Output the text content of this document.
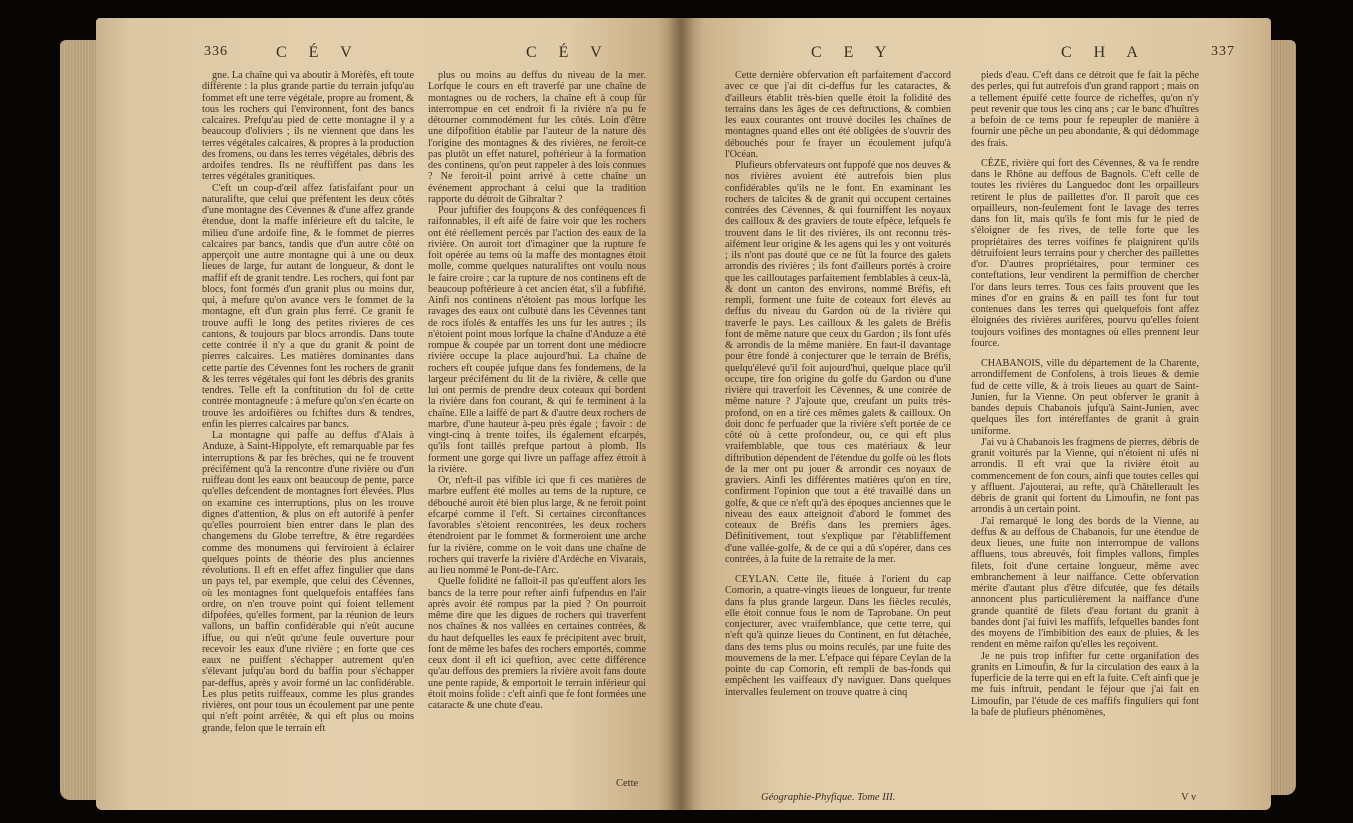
336	C É V	C É V

gne. La chaîne qui va aboutir à Morèfès, eft toute différente : la plus grande partie du terrain jufqu'au fommet eft une terre végétale, propre au froment, & tous les rochers qui l'environnent, font des bancs calcaires. Prefqu'au pied de cette montagne il y a beaucoup d'oliviers ; ils ne viennent que dans les terres végétales calcaires, & propres à la production des fromens, ou dans les terres végétales, débris des ardoifes tendres. Ils ne réuffiffent pas dans les terres végétales granitiques.

C'eft un coup-d'œil affez fatisfaifant pour un naturalifte, que celui que préfentent les deux côtés d'une montagne des Cévennes & d'une affez grande étendue, dont la maffe inférieure eft du talcite, le milieu d'une ardoife fine, & le fommet de pierres calcaires par bancs, tandis que d'un autre côté on apperçoit une autre montagne qui à une ou deux lieues de large, fur autant de longueur, & dont le maffif eft de granit tendre. Les rochers, qui font par blocs, font formés d'un granit plus ou moins dur, qui, à mefure qu'on avance vers le fommet de la montagne, eft d'un grain plus ferré. Ce granit fe trouve auffi le long des petites rivieres de ces cantons, & toujours par blocs arrondis. Dans toute cette contrée il n'y a que du granit & point de pierres calcaires. Les matières dominantes dans cette partie des Cévennes font les rochers de granit & les terres végétales qui font les débris des granits tendres. Telle eft la conftitution du fol de cette contrée montagneufe : à mefure qu'on s'en écarte on trouve les ardoifières ou fchiftes durs & tendres, enfin les pierres calcaires par bancs.

La montagne qui paffe au deffus d'Alais à Anduze, à Saint-Hippolyte, eft remarquable par fes interruptions & par fes brèches, qui ne fe trouvent précifément qu'à la rencontre d'une rivière ou d'un ruiffeau dont les eaux ont beaucoup de pente, parce qu'elles defcendent de montagnes fort élevées. Plus on examine ces interruptions, plus on les trouve dignes d'attention, & plus on eft autorifé à penfer qu'elles pourroient bien entrer dans le plan des changemens du Globe terreftre, & être regardées comme des monumens qui ferviroient à éclairer quelques points de théorie des plus anciennes révolutions. Il eft en effet affez fingulier que dans un pays tel, par exemple, que celui des Cévennes, où les montagnes font quelquefois entaffées fans ordre, on n'en trouve point qui foient tellement difpofées, qu'elles forment, par la réunion de leurs vallons, un baffin confidérable qui n'eût aucune iffue, ou qui n'eût qu'une feule ouverture pour recevoir les eaux d'une rivière ; en forte que ces eaux ne puiffent s'échapper autrement qu'en s'élevant jufqu'au bord du baffin pour s'échapper par-deffus, après y avoir formé un lac confidérable. Les plus petits ruiffeaux, comme les plus grandes rivières, ont pour tous un écoulement par une pente qui n'eft point arrêtée, & qui eft plus ou moins grande, felon que le terrain eft

plus ou moins au deffus du niveau de la mer. Lorfque le cours en eft traverfé par une chaîne de montagnes ou de rochers, la chaîne eft à coup fûr interrompue en cet endroit fi la rivière n'a pu fe détourner commodément fur les côtés. Loin d'être une difpofition établie par l'auteur de la nature dès l'origine des montagnes & des rivières, ne feroit-ce pas plutôt un effet naturel, poftérieur à la formation des continens, qu'on peut rappeler à des lois connues ? Ne feroit-il point arrivé à cette chaîne un événement approchant à celui que la tradition rapporte du détroit de Gibraltar ?

Pour juftifier des foupçons & des conféquences fi raifonnables, il eft aifé de faire voir que les rochers ont été réellement percés par l'action des eaux de la rivière. On auroit tort d'imaginer que la rupture fe foit opérée au tems où la maffe des montagnes étoit molle, comme quelques naturaliftes ont voulu nous le faire croire ; car la rupture de nos continens eft de beaucoup poftérieure à cet ancien état, s'il a fubfifté. Ainfi nos continens n'étoient pas mous lorfque les ravages des eaux ont culbuté dans les Cévennes tant de rocs ifolés & entaffés les uns fur les autres ; ils n'étoient point mous lorfque la chaîne d'Anduze a été rompue & coupée par un torrent dont une médiocre rivière occupe la place aujourd'hui. La chaîne de rochers eft coupée jufque dans fes fondemens, de la largeur précifément du lit de la rivière, & celle que lui ont permis de prendre deux coteaux qui bordent la rivière dans fon courant, & qui fe terminent à la chaîne. Elle a laiffé de part & d'autre deux rochers de marbre, d'une hauteur à-peu près égale ; favoir : de vingt-cinq à trente toifes, ils également efcarpés, qu'ils font taillés prefque partout à plomb. Ils forment une gorge qui livre un paffage affez étroit à la rivière.

Or, n'eft-il pas vifible ici que fi ces matières de marbre euffent été molles au tems de la rupture, ce débouché auroit été bien plus large, & ne feroit point efcarpé comme il l'eft. Si certaines circonftances favorables s'étoient rencontrées, les deux rochers étendroient par le fommet & formeroient une arche fur la rivière, comme on le voit dans une chaîne de rochers qui traverfe la rivière d'Ardèche en Vivarais, au lieu nommé le Pont-de-l'Arc.

Quelle folidité ne falloit-il pas qu'euffent alors les bancs de la terre pour refter ainfi fufpendus en l'air après avoir été rompus par la pied ? On pourroit même dire que les digues de rochers qui traverfent nos chaînes & nos vallées en certaines contrées, & du haut defquelles les eaux fe précipitent avec bruit, font de même les bafes des rochers emportés, comme ceux dont il eft ici queftion, avec cette différence qu'au deffous des premiers la rivière avoit fans doute une pente rapide, & emportoit le terrain inférieur qui étoit moins folide : c'eft ainfi que fe font formées une cataracte & une chute d'eau.

Cette
C E Y	C H A	337

Cette dernière obfervation eft parfaitement d'accord avec ce que j'ai dit ci-deffus fur les cataractes, & d'ailleurs établit très-bien quelle étoit la folidité des terrains dans les âges de ces deftructions, & combien les eaux courantes ont trouvé dociles les chaînes de montagnes quand elles ont été obligées de s'ouvrir des débouchés pour fe frayer un écoulement jufqu'à l'Océan.

Plufieurs obfervateurs ont fuppofé que nos deuves & nos rivières avoient été autrefois bien plus confidérables qu'ils ne le font. En examinant les rochers de talcites & de granit qui occupent certaines contrées des Cévennes, & qui fourniffent les noyaux des cailloux & des graviers de toute efpèce, lefquels fe trouvent dans le lit des rivières, ils ont reconnu très-aifément leur origine & les agens qui les y ont voiturés ; ils n'ont pas douté que ce ne fût la fource des galets arrondis des rivières ; ils font d'ailleurs portés à croire que les cailloutages parfaitement femblables à ceux-là, & dont un canton des environs, nommé Bréfis, eft rempli, forment une fuite de coteaux fort élevés au deffus du niveau du Gardon où de la rivière qui traverfe le pays. Les cailloux & les galets de Bréfis font de même nature que ceux du Gardon ; ils font ufés & arrondis de la même manière. En faut-il davantage pour être fondé à conjecturer que le terrain de Bréfis, quelqu'élevé qu'il foit aujourd'hui, quelque place qu'il occupe, tire fon origine du golfe du Gardon ou d'une rivière qui traverfoit les Cévennes, & une contrée de même nature ? J'ajoute que, creufant un puits très-profond, on en a tiré ces mêmes galets & cailloux. On doit donc fe perfuader que la rivière s'eft portée de ce côté où à cette profondeur, ou, ce qui eft plus vraifemblable, que tous ces matériaux & leur diftribution dépendent de l'étendue du golfe où les flots de la mer ont pu jouer & arrondir ces noyaux de graviers. Ainfi les différentes matières qu'on en tire, confirment l'opinion que tout a été travaillé dans un golfe, & que ce n'eft qu'à des époques anciennes que le niveau des eaux atteignoit d'abord le fommet des coteaux de Bréfis dans les premiers âges. Définitivement, tout s'explique par l'établiffement d'une vallée-golfe, & de ce qui a dû s'opérer, dans ces contrées, à la fuite de la retraite de la mer.

CEYLAN. Cette île, fituée à l'orient du cap Comorin, a quatre-vingts lieues de longueur, fur trente dans fa plus grande largeur. Dans les fiècles reculés, elle étoit connue fous le nom de Taprobane. On peut conjecturer, avec vraifemblance, que cette terre, qui n'eft qu'à quinze lieues du Continent, en fut détachée, dans des tems plus ou moins reculés, par une fuite des mouvemens de la mer. L'efpace qui fépare Ceylan de la pointe du cap Comorin, eft rempli de bas-fonds qui empêchent les vaiffeaux d'y naviguer. Dans quelques intervalles feulement on trouve quatre à cinq

pieds d'eau. C'eft dans ce détroit que fe fait la pêche des perles, qui fut autrefois d'un grand rapport ; mais on a tellement épuifé cette fource de richeffes, qu'on n'y peut revenir que tous les cinq ans ; car le banc d'huîtres a befoin de ce tems pour fe repeupler de manière à fournir une pêche un peu abondante, & qui dédommage des frais.

CÈZE, rivière qui fort des Cévennes, & va fe rendre dans le Rhône au deffous de Bagnols. C'eft celle de toutes les rivières du Languedoc dont les orpailleurs retirent le plus de paillettes d'or. Il paroît que ces orpailleurs, non-feulement font le lavage des terres dans fon lit, mais qu'ils fe font mis fur le pied de s'éloigner de fes rives, de telle forte que les propriétaires des terres voifines fe plaignirent qu'ils détruifoient leurs terrains pour y chercher des paillettes d'or. D'autres propriétaires, pour terminer ces conteftations, leur vendirent la permiffion de chercher l'or dans leurs terres. Tous ces faits prouvent que les mines d'or en grains & en paill tes font fur tout contenues dans les terres qui quelquefois font affez éloignées des rivières aurifères, pourvu qu'elles foient toujours voifines des montagnes où elles prennent leur fource.

CHABANOIS, ville du département de la Charente, arrondiffement de Confolens, à trois lieues & demie fud de cette ville, & à trois lieues au quart de Saint-Junien, fur la Vienne. On peut obferver le granit à bandes depuis Chabanois jufqu'à Saint-Junien, avec quelques îles fort intéreffantes de granit à grain uniforme.

J'ai vu à Chabanois les fragmens de pierres, débris de granit voiturés par la Vienne, qui n'étoient ni ufés ni arrondis. Il eft vrai que la rivière étoit au commencement de fon cours, ainfi que toutes celles qui y affluent. J'ajouterai, au refte, qu'à Châtellerault les débris de granit qui fortent du Limoufin, ne font pas arrondis à un certain point.

J'ai remarqué le long des bords de la Vienne, au deffus & au deffous de Chabanois, fur une étendue de deux lieues, une fuite non interrompue de vallons affluens, tous abreuvés, foit fimples vallons, fimples filets, foit d'une certaine longueur, même avec embranchement à leur naiffance. Cette obfervation mérite d'autant plus d'être difcutée, que fes détails annoncent plus particulièrement la naiffance d'une grande quantité de filets d'eau fortant du granit à bandes dont j'ai fuivi les maffifs, lefquelles bandes font des moyens de l'imbibition des eaux de pluies, & les rendent en même raifon qu'elles les reçoivent.

Je ne puis trop infifter fur cette organifation des granits en Limoufin, & fur la circulation des eaux à la fuperficie de la terre qui en eft la fuite. C'eft ainfi que je me fuis inftruit, pendant le féjour que j'ai fait en Limoufin, par l'étude de ces maffifs finguliers qui font la bafe de plufieurs phénomènes,

Géographie-Phyfique. Tome III.	V v
